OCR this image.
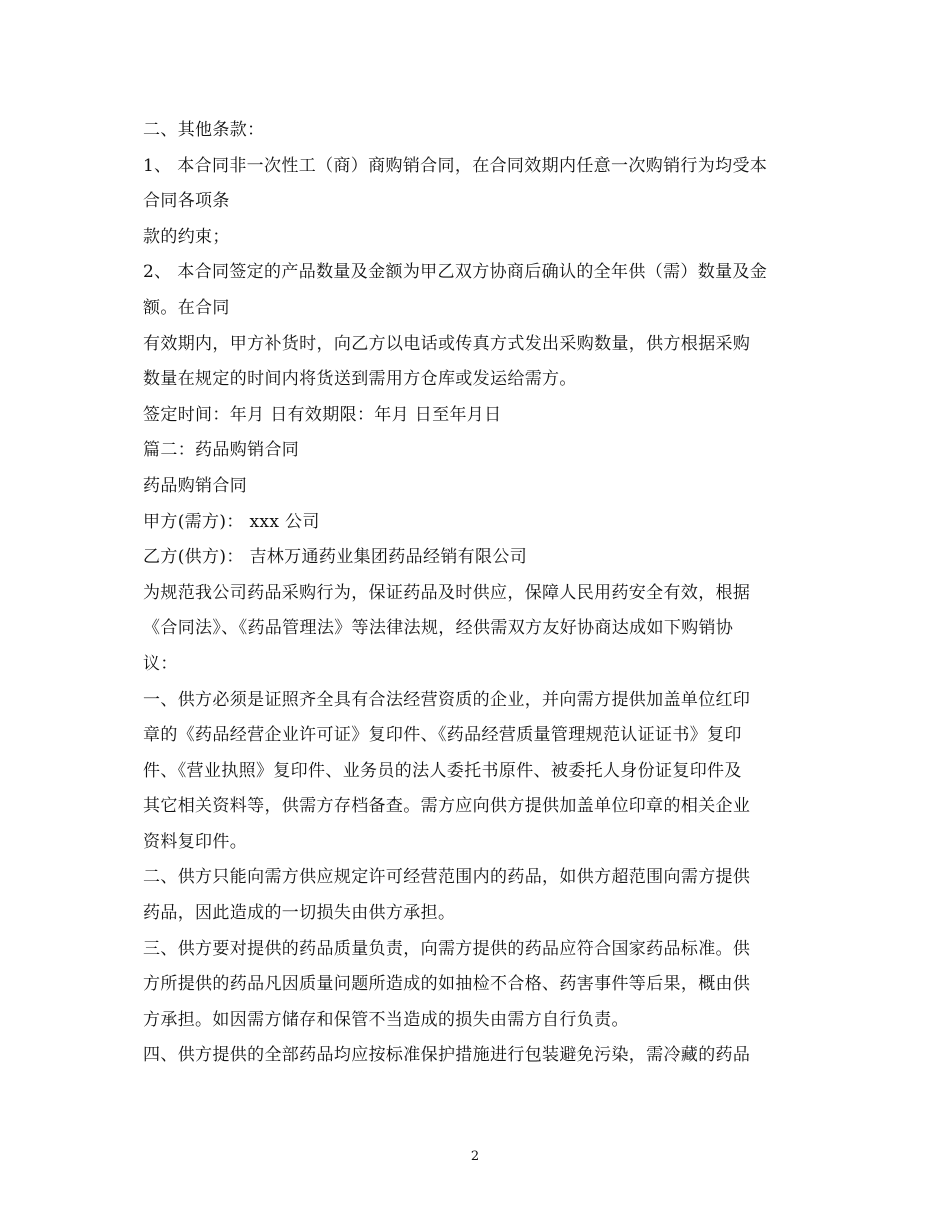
二、其他条款：
1、 本合同非一次性工（商）商购销合同，在合同效期内任意一次购销行为均受本
合同各项条
款的约束；
2、 本合同签定的产品数量及金额为甲乙双方协商后确认的全年供（需）数量及金
额。在合同
有效期内，甲方补货时，向乙方以电话或传真方式发出采购数量，供方根据采购
数量在规定的时间内将货送到需用方仓库或发运给需方。
签定时间：年月 日有效期限：年月 日至年月日
篇二：药品购销合同
药品购销合同
甲方(需方)： xxx 公司
乙方(供方)： 吉林万通药业集团药品经销有限公司
为规范我公司药品采购行为，保证药品及时供应，保障人民用药安全有效，根据
《合同法》、《药品管理法》等法律法规，经供需双方友好协商达成如下购销协
议：
一、供方必须是证照齐全具有合法经营资质的企业，并向需方提供加盖单位红印
章的《药品经营企业许可证》复印件、《药品经营质量管理规范认证证书》复印
件、《营业执照》复印件、业务员的法人委托书原件、被委托人身份证复印件及
其它相关资料等，供需方存档备查。需方应向供方提供加盖单位印章的相关企业
资料复印件。
二、供方只能向需方供应规定许可经营范围内的药品，如供方超范围向需方提供
药品，因此造成的一切损失由供方承担。
三、供方要对提供的药品质量负责，向需方提供的药品应符合国家药品标准。供
方所提供的药品凡因质量问题所造成的如抽检不合格、药害事件等后果，概由供
方承担。如因需方储存和保管不当造成的损失由需方自行负责。
四、供方提供的全部药品均应按标准保护措施进行包装避免污染，需冷藏的药品
2
